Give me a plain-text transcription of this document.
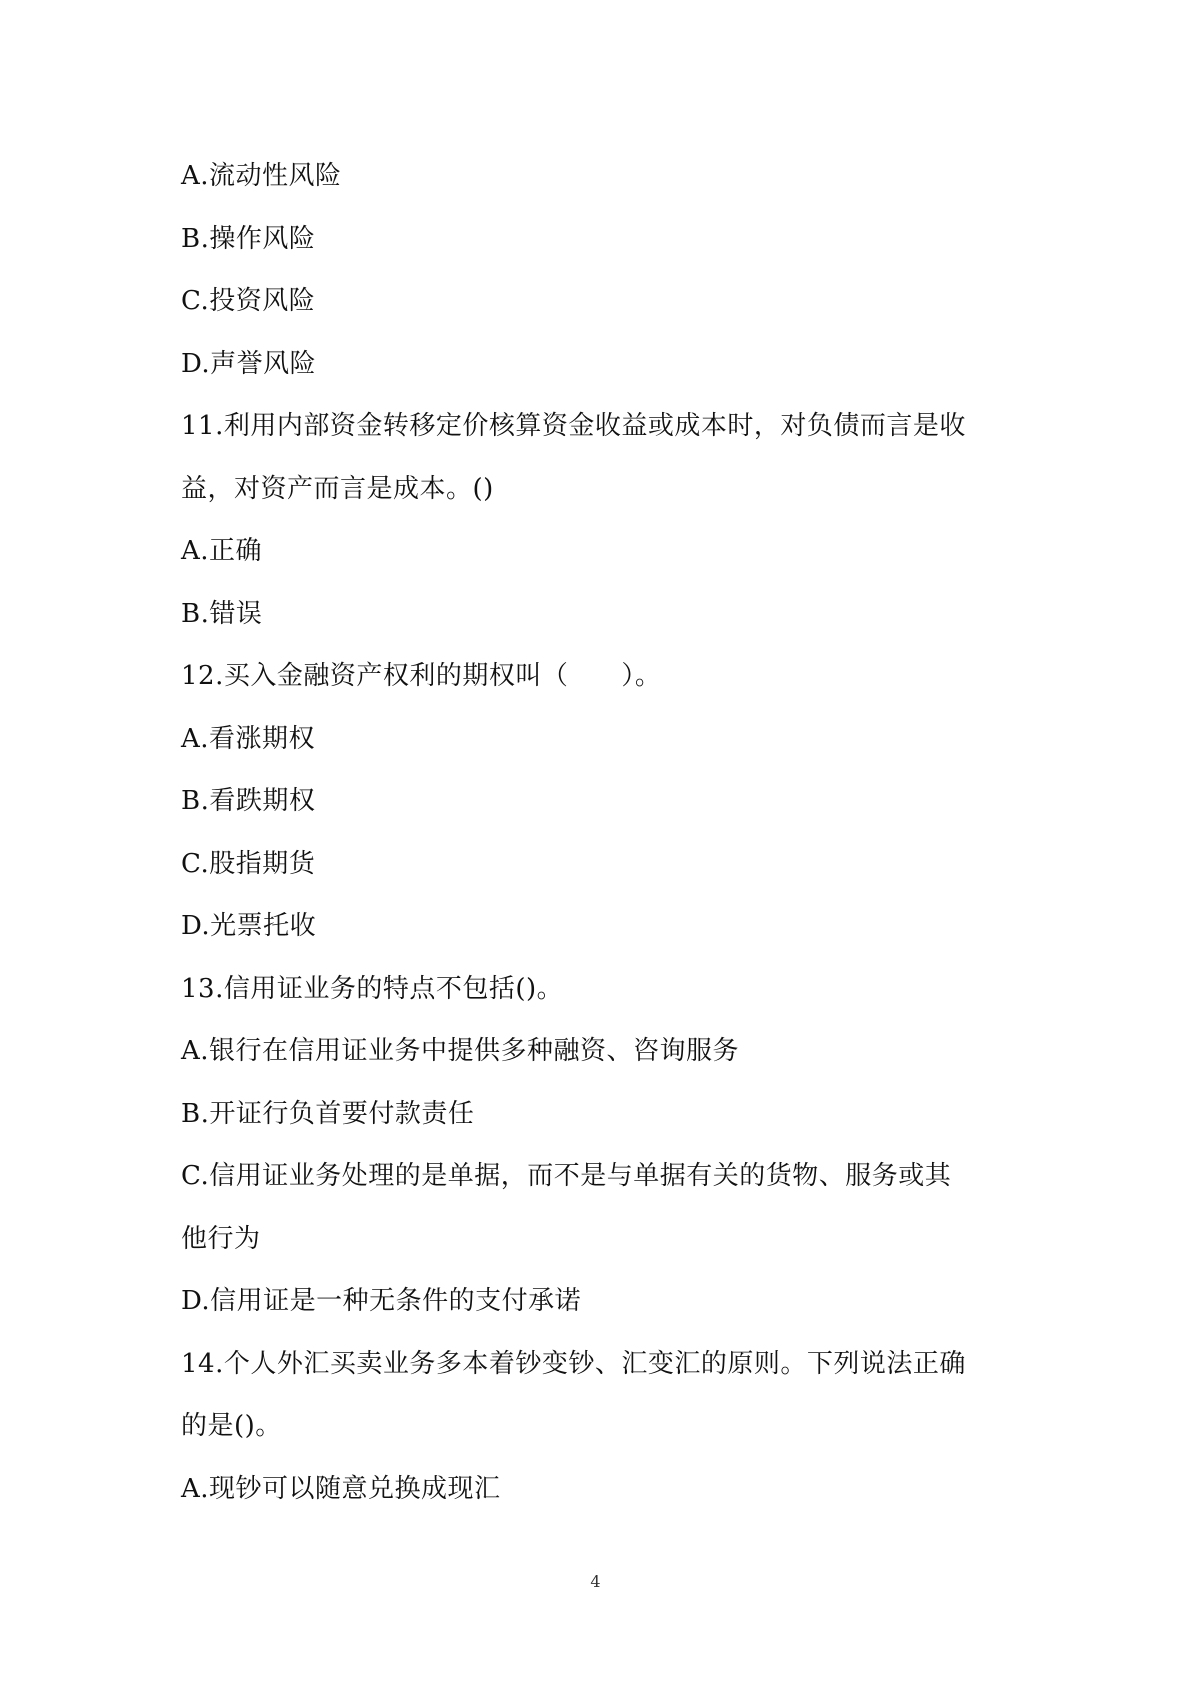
A.流动性风险
B.操作风险
C.投资风险
D.声誉风险
11.利用内部资金转移定价核算资金收益或成本时，对负债而言是收
益，对资产而言是成本。()
A.正确
B.错误
12.买入金融资产权利的期权叫（　　）。
A.看涨期权
B.看跌期权
C.股指期货
D.光票托收
13.信用证业务的特点不包括()。
A.银行在信用证业务中提供多种融资、咨询服务
B.开证行负首要付款责任
C.信用证业务处理的是单据，而不是与单据有关的货物、服务或其
他行为
D.信用证是一种无条件的支付承诺
14.个人外汇买卖业务多本着钞变钞、汇变汇的原则。下列说法正确
的是()。
A.现钞可以随意兑换成现汇
4
